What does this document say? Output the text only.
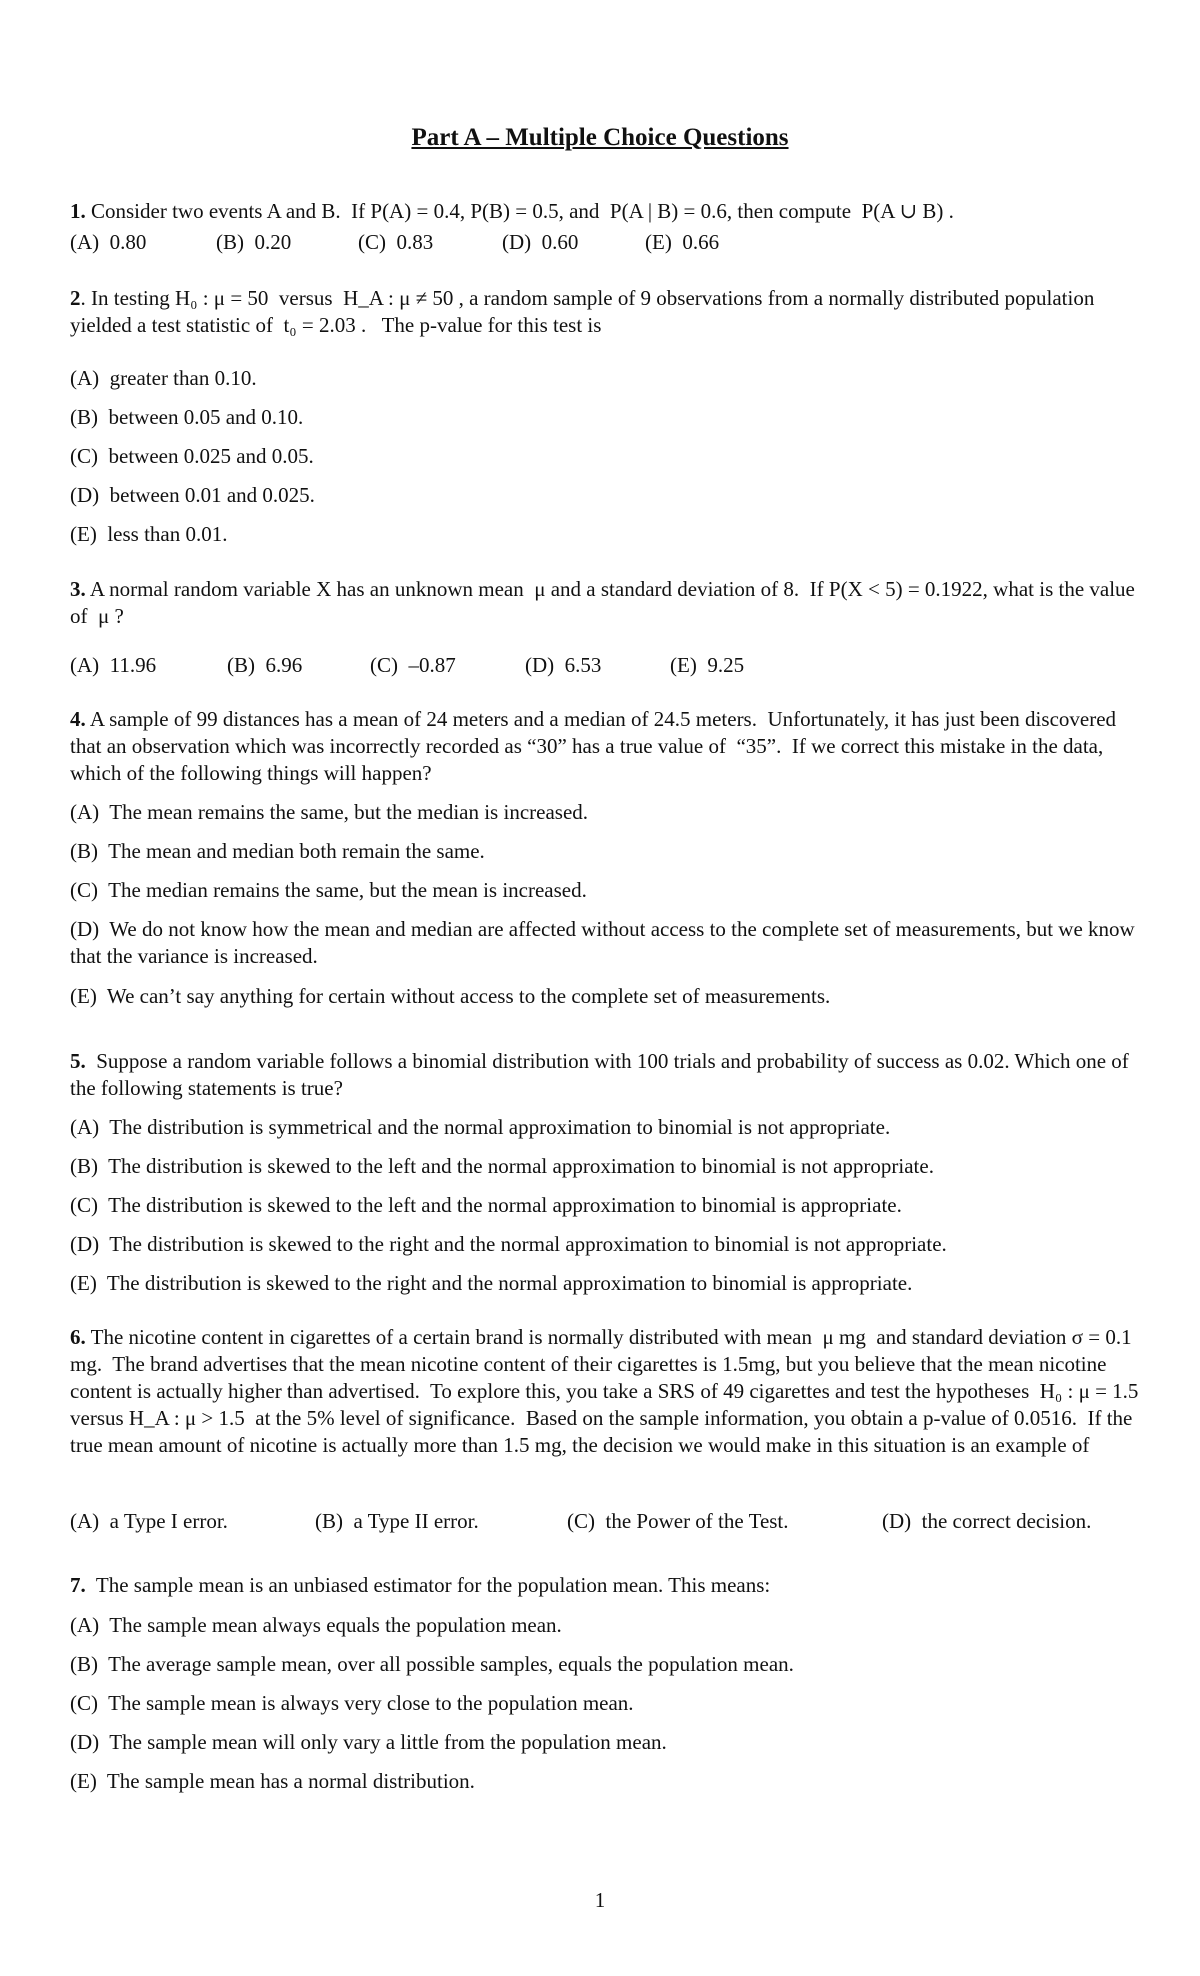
Part A – Multiple Choice Questions
1. Consider two events A and B.  If P(A) = 0.4, P(B) = 0.5, and  P(A | B) = 0.6, then compute  P(A ∪ B) .

(A)  0.80

	(B)  0.20

	(C)  0.83

	(D)  0.60

	(E)  0.66

2. In testing H₀ : μ = 50  versus  H_A : μ ≠ 50 , a random sample of 9 observations from a normally distributed population yielded a test statistic of  t₀ = 2.03 .   The p-value for this test is
(A)  greater than 0.10.
(B)  between 0.05 and 0.10.
(C)  between 0.025 and 0.05.
(D)  between 0.01 and 0.025.
(E)  less than 0.01.
3. A normal random variable X has an unknown mean  μ and a standard deviation of 8.  If P(X < 5) = 0.1922, what is the value of  μ ?

(A)  11.96

	(B)  6.96

	(C)  –0.87

	(D)  6.53

	(E)  9.25

4. A sample of 99 distances has a mean of 24 meters and a median of 24.5 meters.  Unfortunately, it has just been discovered that an observation which was incorrectly recorded as “30” has a true value of  “35”.  If we correct this mistake in the data, which of the following things will happen?
(A)  The mean remains the same, but the median is increased.
(B)  The mean and median both remain the same.
(C)  The median remains the same, but the mean is increased.
(D)  We do not know how the mean and median are affected without access to the complete set of measurements, but we know that the variance is increased.
(E)  We can’t say anything for certain without access to the complete set of measurements.
5.  Suppose a random variable follows a binomial distribution with 100 trials and probability of success as 0.02. Which one of the following statements is true?
(A)  The distribution is symmetrical and the normal approximation to binomial is not appropriate.
(B)  The distribution is skewed to the left and the normal approximation to binomial is not appropriate.
(C)  The distribution is skewed to the left and the normal approximation to binomial is appropriate.
(D)  The distribution is skewed to the right and the normal approximation to binomial is not appropriate.
(E)  The distribution is skewed to the right and the normal approximation to binomial is appropriate.
6. The nicotine content in cigarettes of a certain brand is normally distributed with mean  μ mg  and standard deviation σ = 0.1 mg.  The brand advertises that the mean nicotine content of their cigarettes is 1.5mg, but you believe that the mean nicotine content is actually higher than advertised.  To explore this, you take a SRS of 49 cigarettes and test the hypotheses  H₀ : μ = 1.5 versus H_A : μ > 1.5  at the 5% level of significance.  Based on the sample information, you obtain a p-value of 0.0516.  If the true mean amount of nicotine is actually more than 1.5 mg, the decision we would make in this situation is an example of

(A)  a Type I error.

	(B)  a Type II error.

	(C)  the Power of the Test.

	(D)  the correct decision.

7.  The sample mean is an unbiased estimator for the population mean. This means:
(A)  The sample mean always equals the population mean.
(B)  The average sample mean, over all possible samples, equals the population mean.
(C)  The sample mean is always very close to the population mean.
(D)  The sample mean will only vary a little from the population mean.
(E)  The sample mean has a normal distribution.
1
